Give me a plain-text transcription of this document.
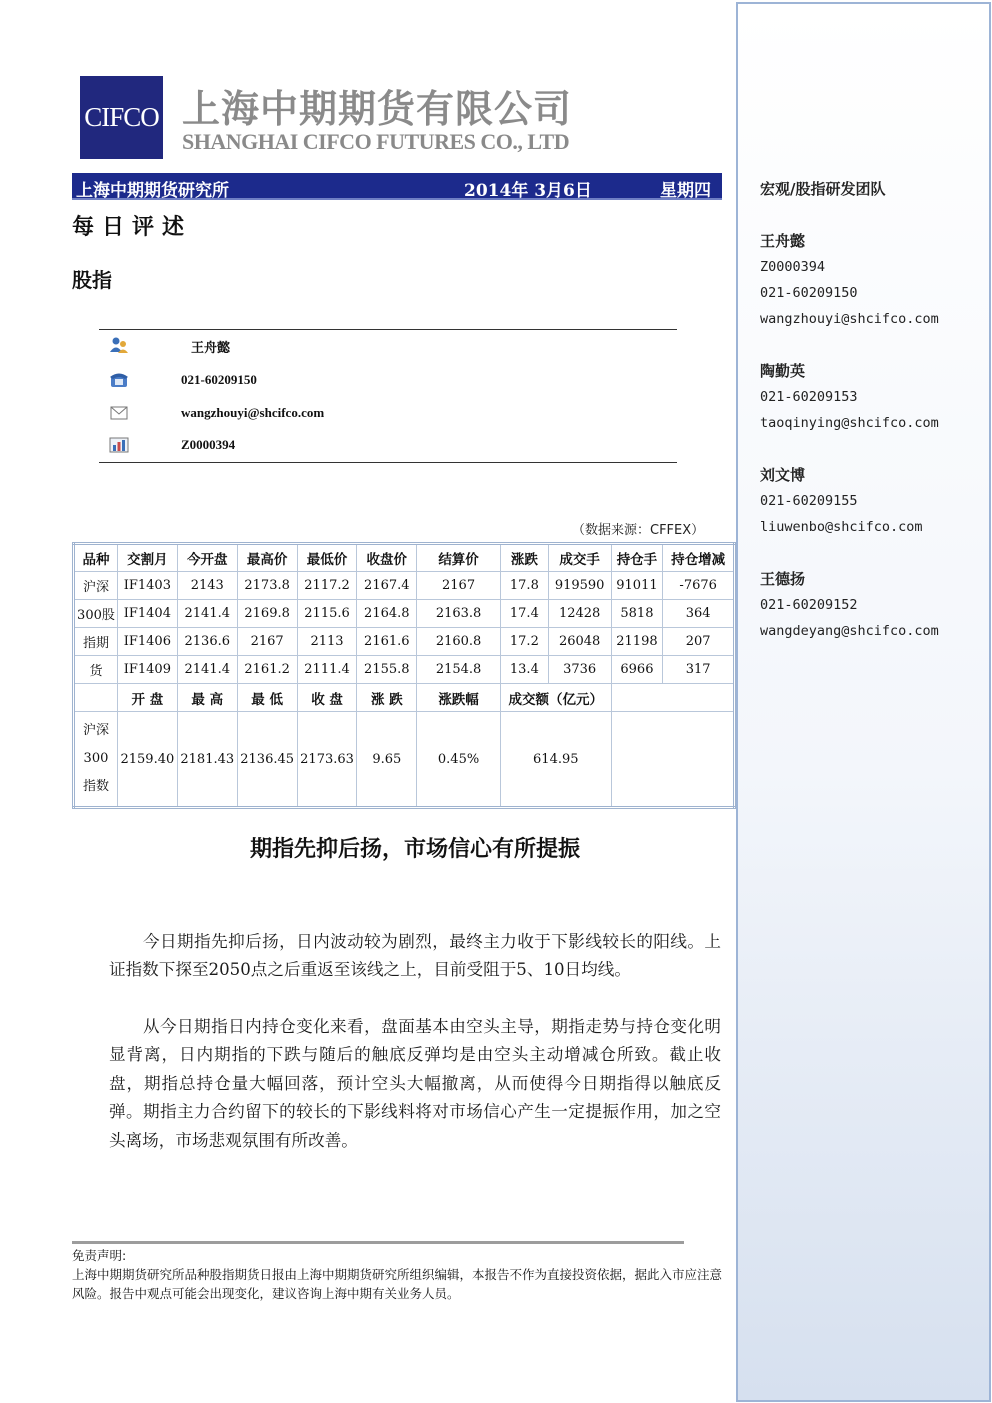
CIFCO 上海中期期货有限公司
SHANGHAI CIFCO FUTURES CO., LTD
上海中期期货研究所	2014年 3月6日	星期四
每日评述
股指
王舟懿
021-60209150
wangzhouyi@shcifco.com
Z0000394
（数据来源：CFFEX）
品种	交割月	今开盘	最高价	最低价	收盘价	结算价	涨跌	成交手	持仓手	持仓增减
沪深	IF1403	2143	2173.8	2117.2	2167.4	2167	17.8	919590	91011	-7676
300股	IF1404	2141.4	2169.8	2115.6	2164.8	2163.8	17.4	12428	5818	364
指期	IF1406	2136.6	2167	2113	2161.6	2160.8	17.2	26048	21198	207
货	IF1409	2141.4	2161.2	2111.4	2155.8	2154.8	13.4	3736	6966	317
	开 盘	最 高	最 低	收 盘	涨 跌	涨跌幅	成交额（亿元）			

沪深
300
指数	2159.40	2181.43	2136.45	2173.63	9.65	0.45%	614.95			
期指先抑后扬，市场信心有所提振
　　今日期指先抑后扬，日内波动较为剧烈，最终主力收于下影线较长的阳线。上证指数下探至2050点之后重返至该线之上，目前受阻于5、10日均线。
　　从今日期指日内持仓变化来看，盘面基本由空头主导，期指走势与持仓变化明显背离，日内期指的下跌与随后的触底反弹均是由空头主动增减仓所致。截止收盘，期指总持仓量大幅回落，预计空头大幅撤离，从而使得今日期指得以触底反弹。期指主力合约留下的较长的下影线料将对市场信心产生一定提振作用，加之空头离场，市场悲观氛围有所改善。
免责声明:
上海中期期货研究所品种股指期货日报由上海中期期货研究所组织编辑，本报告不作为直接投资依据，据此入市应注意风险。报告中观点可能会出现变化，建议咨询上海中期有关业务人员。
宏观/股指研发团队
王舟懿
Z0000394
021-60209150
wangzhouyi@shcifco.com
陶勤英
021-60209153
taoqinying@shcifco.com
刘文博
021-60209155
liuwenbo@shcifco.com
王德扬
021-60209152
wangdeyang@shcifco.com
